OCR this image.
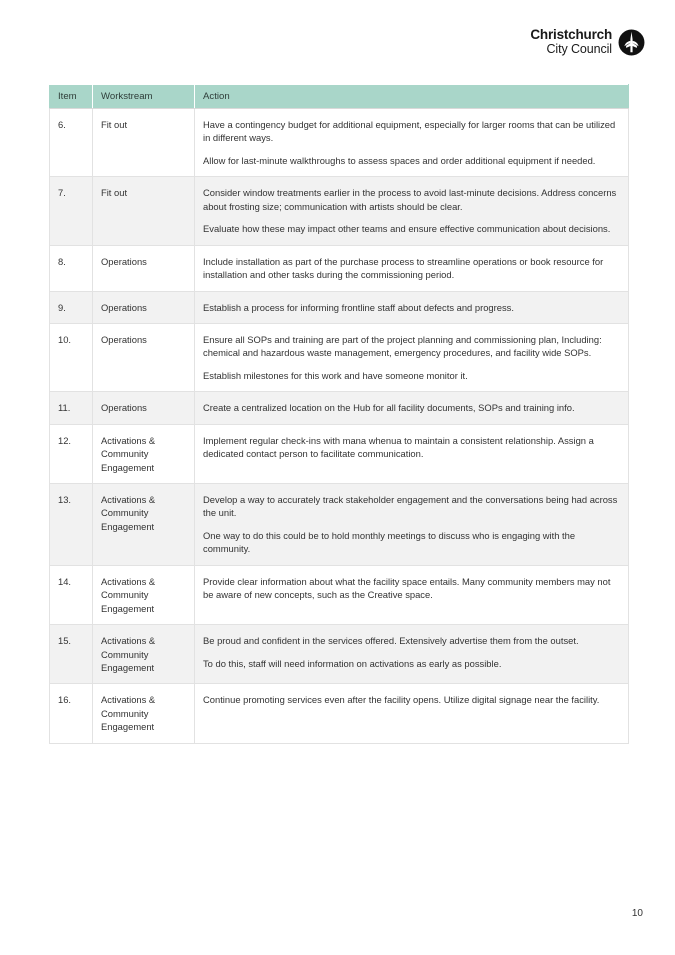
Christchurch
City Council
Item	Workstream	Action
6.	Fit out	Have a contingency budget for additional equipment, especially for larger rooms that can be utilized in different ways.

Allow for last-minute walkthroughs to assess spaces and order additional equipment if needed.

7.	Fit out	Consider window treatments earlier in the process to avoid last-minute decisions. Address concerns about frosting size; communication with artists should be clear.

Evaluate how these may impact other teams and ensure effective communication about decisions.

8.	Operations	Include installation as part of the purchase process to streamline operations or book resource for installation and other tasks during the commissioning period.

9.	Operations	Establish a process for informing frontline staff about defects and progress.

10.	Operations	Ensure all SOPs and training are part of the project planning and commissioning plan, Including: chemical and hazardous waste management, emergency procedures, and facility wide SOPs.

Establish milestones for this work and have someone monitor it.

11.	Operations	Create a centralized location on the Hub for all facility documents, SOPs and training info.

12.	Activations & Community Engagement	Implement regular check-ins with mana whenua to maintain a consistent relationship. Assign a dedicated contact person to facilitate communication.

13.	Activations & Community Engagement	Develop a way to accurately track stakeholder engagement and the conversations being had across the unit.

One way to do this could be to hold monthly meetings to discuss who is engaging with the community.

14.	Activations & Community Engagement	Provide clear information about what the facility space entails. Many community members may not be aware of new concepts, such as the Creative space.

15.	Activations & Community Engagement	Be proud and confident in the services offered. Extensively advertise them from the outset.

To do this, staff will need information on activations as early as possible.

16.	Activations & Community Engagement	Continue promoting services even after the facility opens. Utilize digital signage near the facility.

10
